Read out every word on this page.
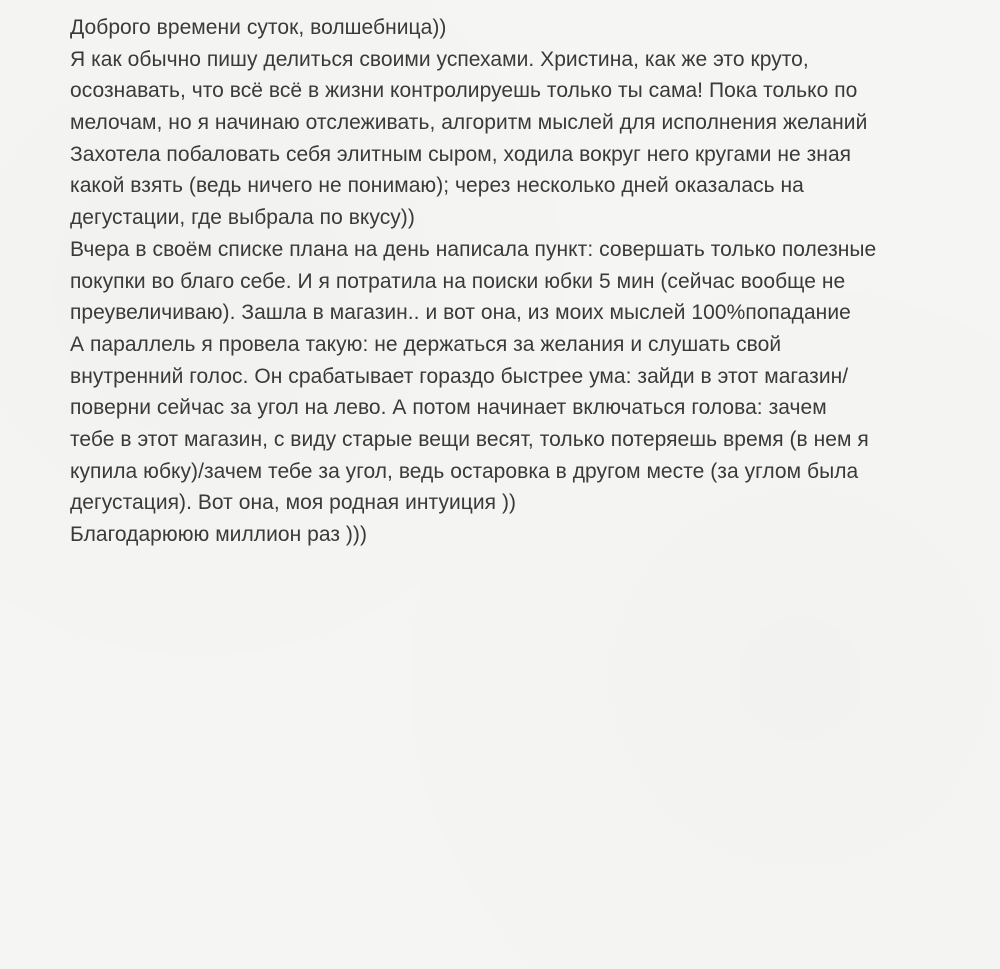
Доброго времени суток, волшебница))
Я как обычно пишу делиться своими успехами. Христина, как же это круто,
осознавать, что всё всё в жизни контролируешь только ты сама! Пока только по
мелочам, но я начинаю отслеживать, алгоритм мыслей для исполнения желаний
Захотела побаловать себя элитным сыром, ходила вокруг него кругами не зная
какой взять (ведь ничего не понимаю); через несколько дней оказалась на
дегустации, где выбрала по вкусу))
Вчера в своём списке плана на день написала пункт: совершать только полезные
покупки во благо себе. И я потратила на поиски юбки 5 мин (сейчас вообще не
преувеличиваю). Зашла в магазин.. и вот она, из моих мыслей 100%попадание
А параллель я провела такую: не держаться за желания и слушать свой
внутренний голос. Он срабатывает гораздо быстрее ума: зайди в этот магазин/
поверни сейчас за угол на лево. А потом начинает включаться голова: зачем
тебе в этот магазин, с виду старые вещи весят, только потеряешь время (в нем я
купила юбку)/зачем тебе за угол, ведь остаровка в другом месте (за углом была
дегустация). Вот она, моя родная интуиция ))
Благодарююю миллион раз )))
